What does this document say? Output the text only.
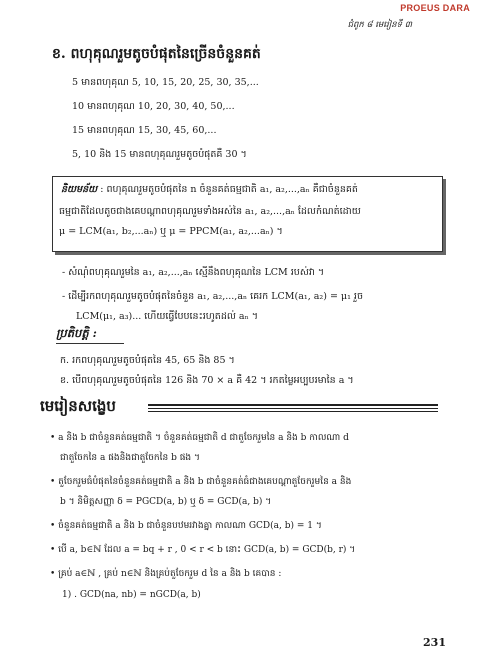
PROEUS DARA
ជំពូក ៨ មេរៀនទី ៣
ខ. ពហុគុណរួមតូចបំផុតនៃច្រើនចំនួនគត់
5 មានពហុគុណ 5, 10, 15, 20, 25, 30, 35,...
10 មានពហុគុណ 10, 20, 30, 40, 50,...
15 មានពហុគុណ 15, 30, 45, 60,...
5, 10 និង 15 មានពហុគុណរួមតូចបំផុតគឺ 30 ។
និយមន័យ : ពហុគុណរួមតូចបំផុតនៃ n ចំនួនគត់ធម្មជាតិ a₁, a₂,...,aₙ គឺជាចំនួនគត់
ធម្មជាតិដែលតូចជាងគេបណ្តាពហុគុណរួមទាំងអស់នៃ a₁, a₂,...,aₙ ដែលកំណត់ដោយ
μ = LCM(a₁, b₂,...aₙ) ឬ μ = PPCM(a₁, a₂,...aₙ) ។
- សំណុំពហុគុណរួមនៃ a₁, a₂,...,aₙ ស្មើនឹងពហុគុណនៃ LCM របស់វា ។
- ដើម្បីរកពហុគុណរួមតូចបំផុតនៃចំនួន a₁, a₂,...,aₙ គេរក LCM(a₁, a₂) = μ₁ រួច
LCM(μ₁, a₃)... ហើយធ្វើបែបនេះរហូតដល់ aₙ ។
ប្រតិបត្តិ :
ក. រកពហុគុណរួមតូចបំផុតនៃ 45, 65 និង 85 ។
ខ. បើពហុគុណរួមតូចបំផុតនៃ 126 និង 70 × a គឺ 42 ។ រកតម្លៃអប្បបរមានៃ a ។
មេរៀនសង្ខេប
• a និង b ជាចំនួនគត់ធម្មជាតិ ។ ចំនួនគត់ធម្មជាតិ d ជាតួចែករួមនៃ a និង b កាលណា d
ជាតួចែកនៃ a ផងនិងជាតួចែកនៃ b ផង ។
• តួចែករួមធំបំផុតនៃចំនួនគត់ធម្មជាតិ a និង b ជាចំនួនគត់ធំជាងគេបណ្តាតួចែករួមនៃ a និង
b ។ និមិត្តសញ្ញា δ = PGCD(a, b) ឬ δ = GCD(a, b) ។
• ចំនួនគត់ធម្មជាតិ a និង b ជាចំនួនបឋមរវាងគ្នា កាលណា GCD(a, b) = 1 ។
• បើ a, b∈ℕ ដែល a = bq + r , 0 < r < b នោះ GCD(a, b) = GCD(b, r) ។
• គ្រប់ a∈ℕ , គ្រប់ n∈ℕ និងគ្រប់តួចែករួម d នៃ a និង b គេបាន :
1) . GCD(na, nb) = nGCD(a, b)
231
